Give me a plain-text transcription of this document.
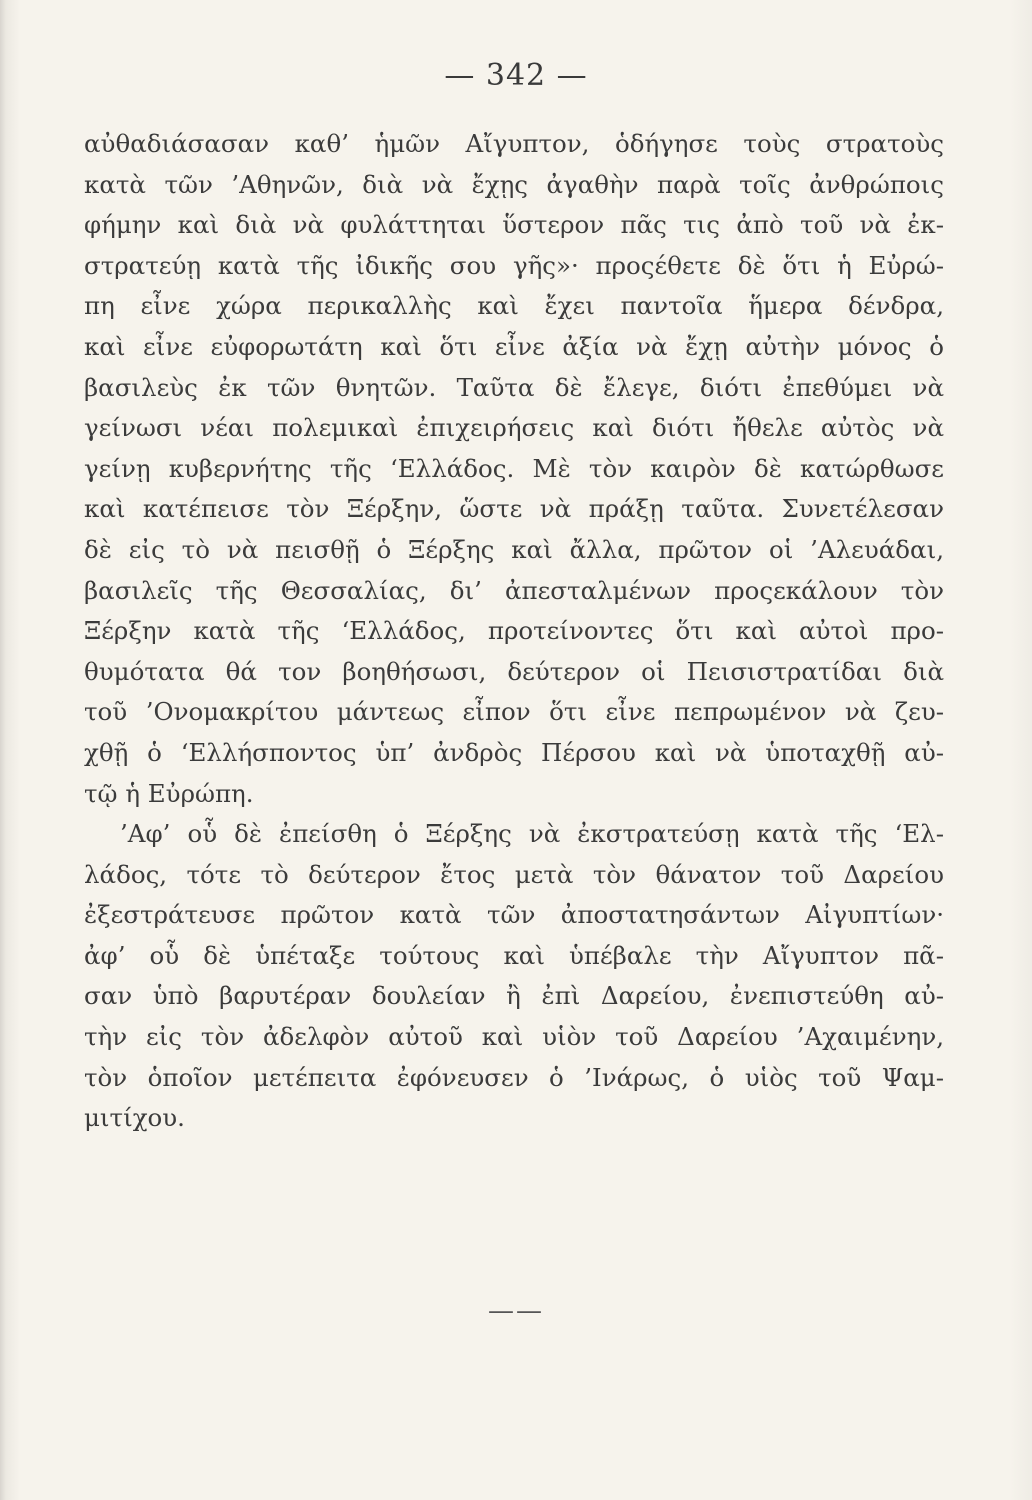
— 342 —
αὐθαδιάσασαν καθ’ ἡμῶν Αἴγυπτον, ὁδήγησε τοὺς στρατοὺς
κατὰ τῶν ’Αθηνῶν, διὰ νὰ ἔχῃς ἀγαθὴν παρὰ τοῖς ἀνθρώποις
φήμην καὶ διὰ νὰ φυλάττηται ὕστερον πᾶς τις ἀπὸ τοῦ νὰ ἐκ-
στρατεύῃ κατὰ τῆς ἰδικῆς σου γῆς»· προςέθετε δὲ ὅτι ἡ Εὐρώ-
πη εἶνε χώρα περικαλλὴς καὶ ἔχει παντοῖα ἥμερα δένδρα,
καὶ εἶνε εὐφορωτάτη καὶ ὅτι εἶνε ἀξία νὰ ἔχῃ αὐτὴν μόνος ὁ
βασιλεὺς ἐκ τῶν θνητῶν. Ταῦτα δὲ ἔλεγε, διότι ἐπεθύμει νὰ
γείνωσι νέαι πολεμικαὶ ἐπιχειρήσεις καὶ διότι ἤθελε αὐτὸς νὰ
γείνῃ κυβερνήτης τῆς ‘Ελλάδος. Μὲ τὸν καιρὸν δὲ κατώρθωσε
καὶ κατέπεισε τὸν Ξέρξην, ὥστε νὰ πράξῃ ταῦτα. Συνετέλεσαν
δὲ εἰς τὸ νὰ πεισθῇ ὁ Ξέρξης καὶ ἄλλα, πρῶτον οἱ ’Αλευάδαι,
βασιλεῖς τῆς Θεσσαλίας, δι’ ἀπεσταλμένων προςεκάλουν τὸν
Ξέρξην κατὰ τῆς ‘Ελλάδος, προτείνοντες ὅτι καὶ αὐτοὶ προ-
θυμότατα θά τον βοηθήσωσι, δεύτερον οἱ Πεισιστρατίδαι διὰ
τοῦ ’Ονομακρίτου μάντεως εἶπον ὅτι εἶνε πεπρωμένον νὰ ζευ-
χθῇ ὁ ‘Ελλήσποντος ὑπ’ ἀνδρὸς Πέρσου καὶ νὰ ὑποταχθῇ αὐ-
τῷ ἡ Εὐρώπη.
’Αφ’ οὗ δὲ ἐπείσθη ὁ Ξέρξης νὰ ἐκστρατεύσῃ κατὰ τῆς ‘Ελ-
λάδος, τότε τὸ δεύτερον ἔτος μετὰ τὸν θάνατον τοῦ Δαρείου
ἐξεστράτευσε πρῶτον κατὰ τῶν ἀποστατησάντων Αἰγυπτίων·
ἀφ’ οὗ δὲ ὑπέταξε τούτους καὶ ὑπέβαλε τὴν Αἴγυπτον πᾶ-
σαν ὑπὸ βαρυτέραν δουλείαν ἢ ἐπὶ Δαρείου, ἐνεπιστεύθη αὐ-
τὴν εἰς τὸν ἀδελφὸν αὐτοῦ καὶ υἱὸν τοῦ Δαρείου ’Αχαιμένην,
τὸν ὁποῖον μετέπειτα ἐφόνευσεν ὁ ’Ινάρως, ὁ υἱὸς τοῦ Ψαμ-
μιτίχου.
——
